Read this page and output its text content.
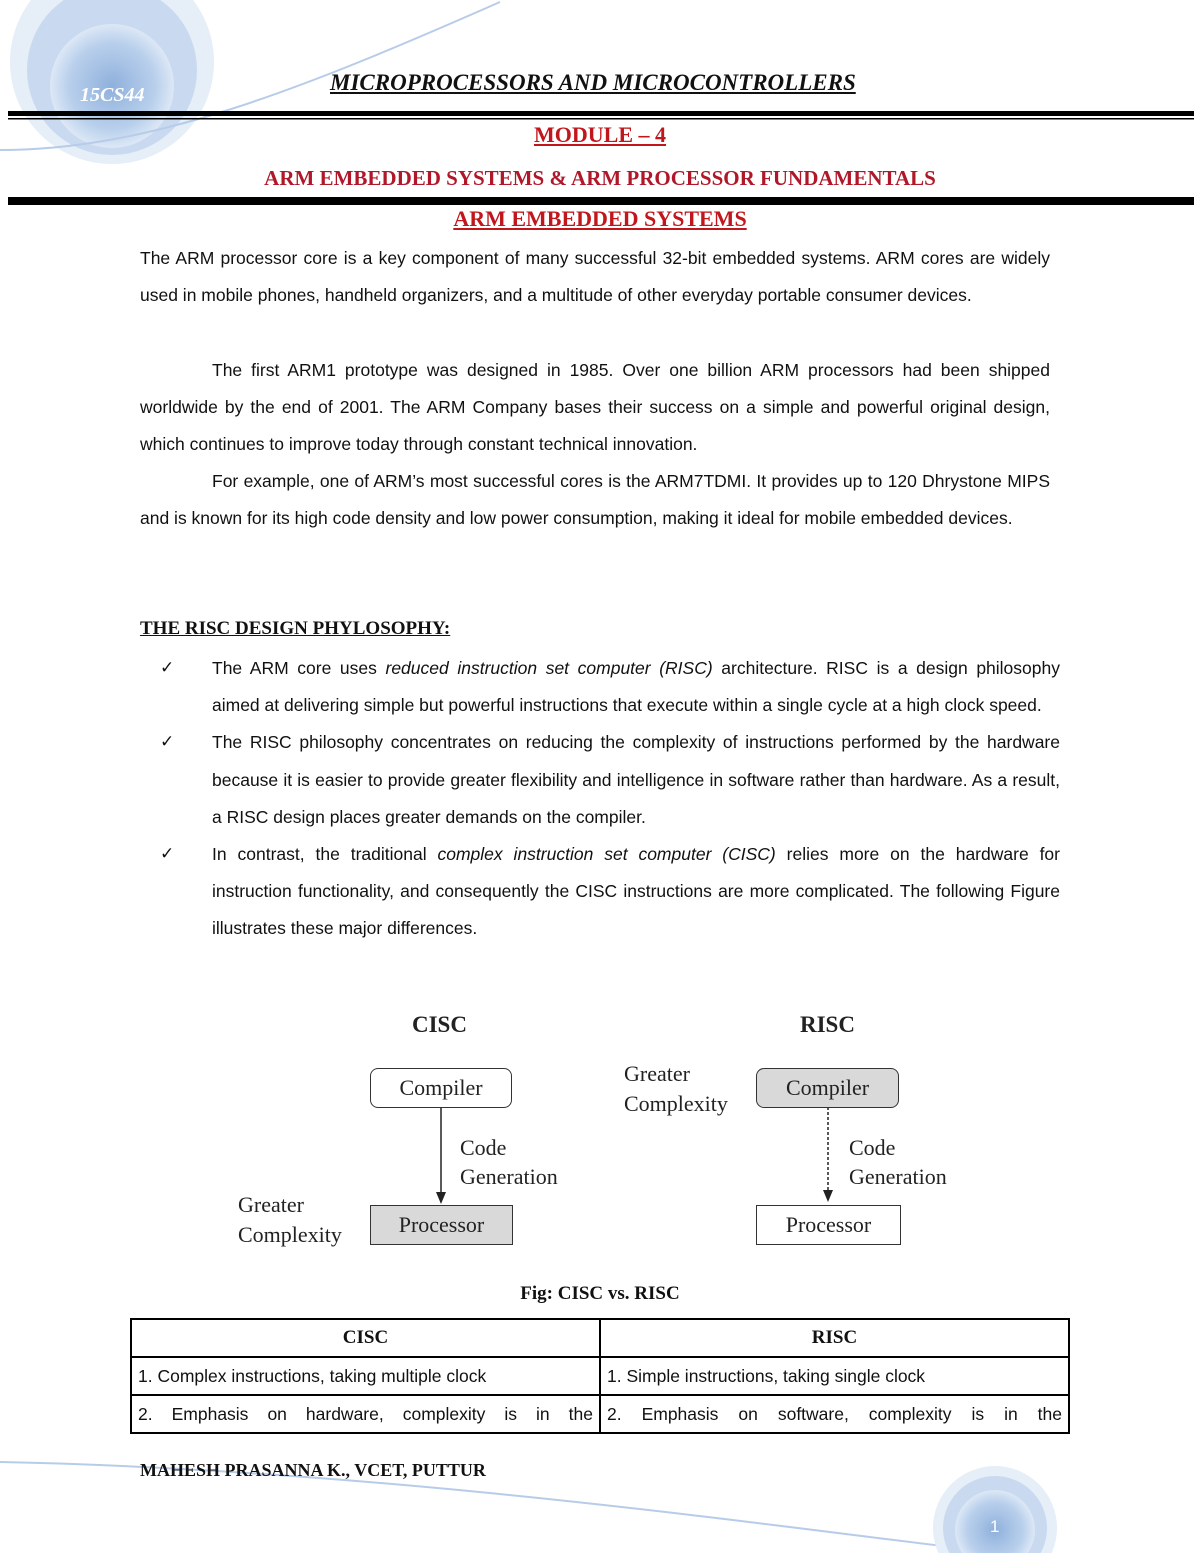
15CS44	MICROPROCESSORS AND MICROCONTROLLERS
MODULE – 4
ARM EMBEDDED SYSTEMS & ARM PROCESSOR FUNDAMENTALS
ARM EMBEDDED SYSTEMS

The ARM processor core is a key component of many successful 32-bit embedded systems. ARM cores are widely used in mobile phones, handheld organizers, and a multitude of other everyday portable consumer devices.

The first ARM1 prototype was designed in 1985. Over one billion ARM processors had been shipped worldwide by the end of 2001. The ARM Company bases their success on a simple and powerful original design, which continues to improve today through constant technical innovation.

For example, one of ARM’s most successful cores is the ARM7TDMI. It provides up to 120 Dhrystone MIPS and is known for its high code density and low power consumption, making it ideal for mobile embedded devices.

THE RISC DESIGN PHYLOSOPHY:
✓ The ARM core uses reduced instruction set computer (RISC) architecture. RISC is a design philosophy aimed at delivering simple but powerful instructions that execute within a single cycle at a high clock speed.
✓ The RISC philosophy concentrates on reducing the complexity of instructions performed by the hardware because it is easier to provide greater flexibility and intelligence in software rather than hardware. As a result, a RISC design places greater demands on the compiler.
✓ In contrast, the traditional complex instruction set computer (CISC) relies more on the hardware for instruction functionality, and consequently the CISC instructions are more complicated. The following Figure illustrates these major differences.
CISC
Compiler
Code
Generation
Greater
Complexity	Processor
RISC
Greater
Complexity
Compiler
Code
Generation
Processor
Fig: CISC vs. RISC
CISC	RISC
1. Complex instructions, taking multiple clock	1. Simple instructions, taking single clock
2. Emphasis on hardware, complexity is in the	2. Emphasis on software, complexity is in the
MAHESH PRASANNA K., VCET, PUTTUR
1
